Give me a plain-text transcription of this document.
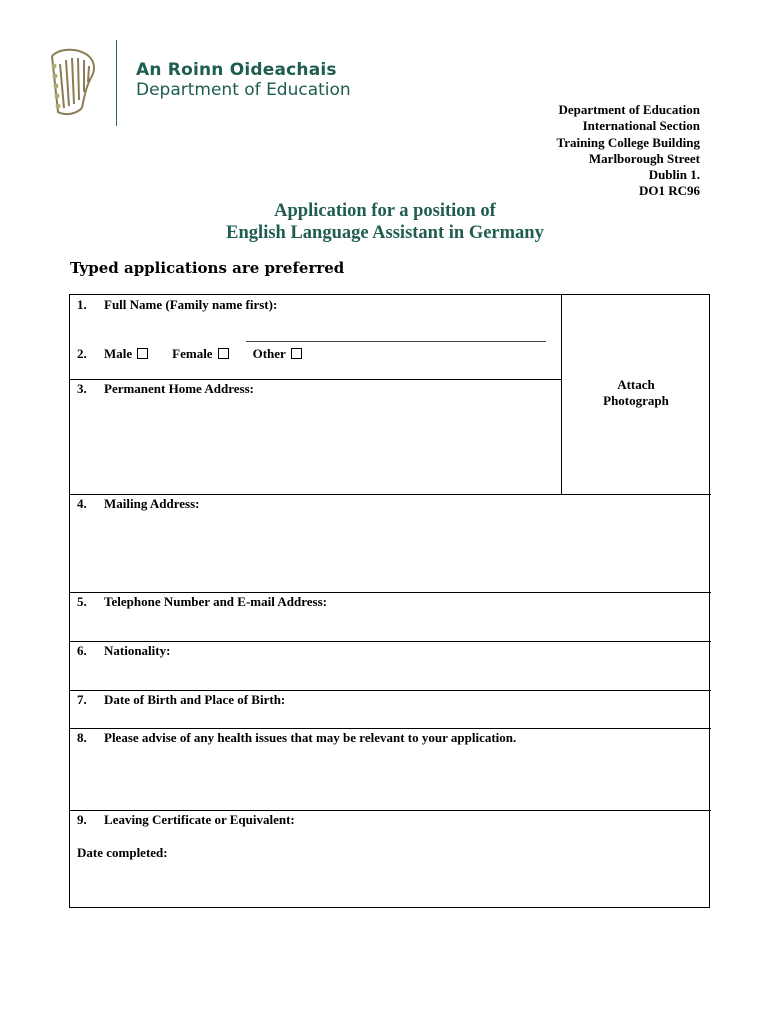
An Roinn Oideachais
Department of Education
Department of Education
International Section
Training College Building
Marlborough Street
Dublin 1.
DO1 RC96
Application for a position of
English Language Assistant in Germany
Typed applications are preferred
1. Full Name (Family name first):
2. Male	Female	Other
3. Permanent Home Address:	Attach
Photograph
4. Mailing Address:
5. Telephone Number and E-mail Address:
6. Nationality:
7. Date of Birth and Place of Birth:
8. Please advise of any health issues that may be relevant to your application.
9. Leaving Certificate or Equivalent:
Date completed:
